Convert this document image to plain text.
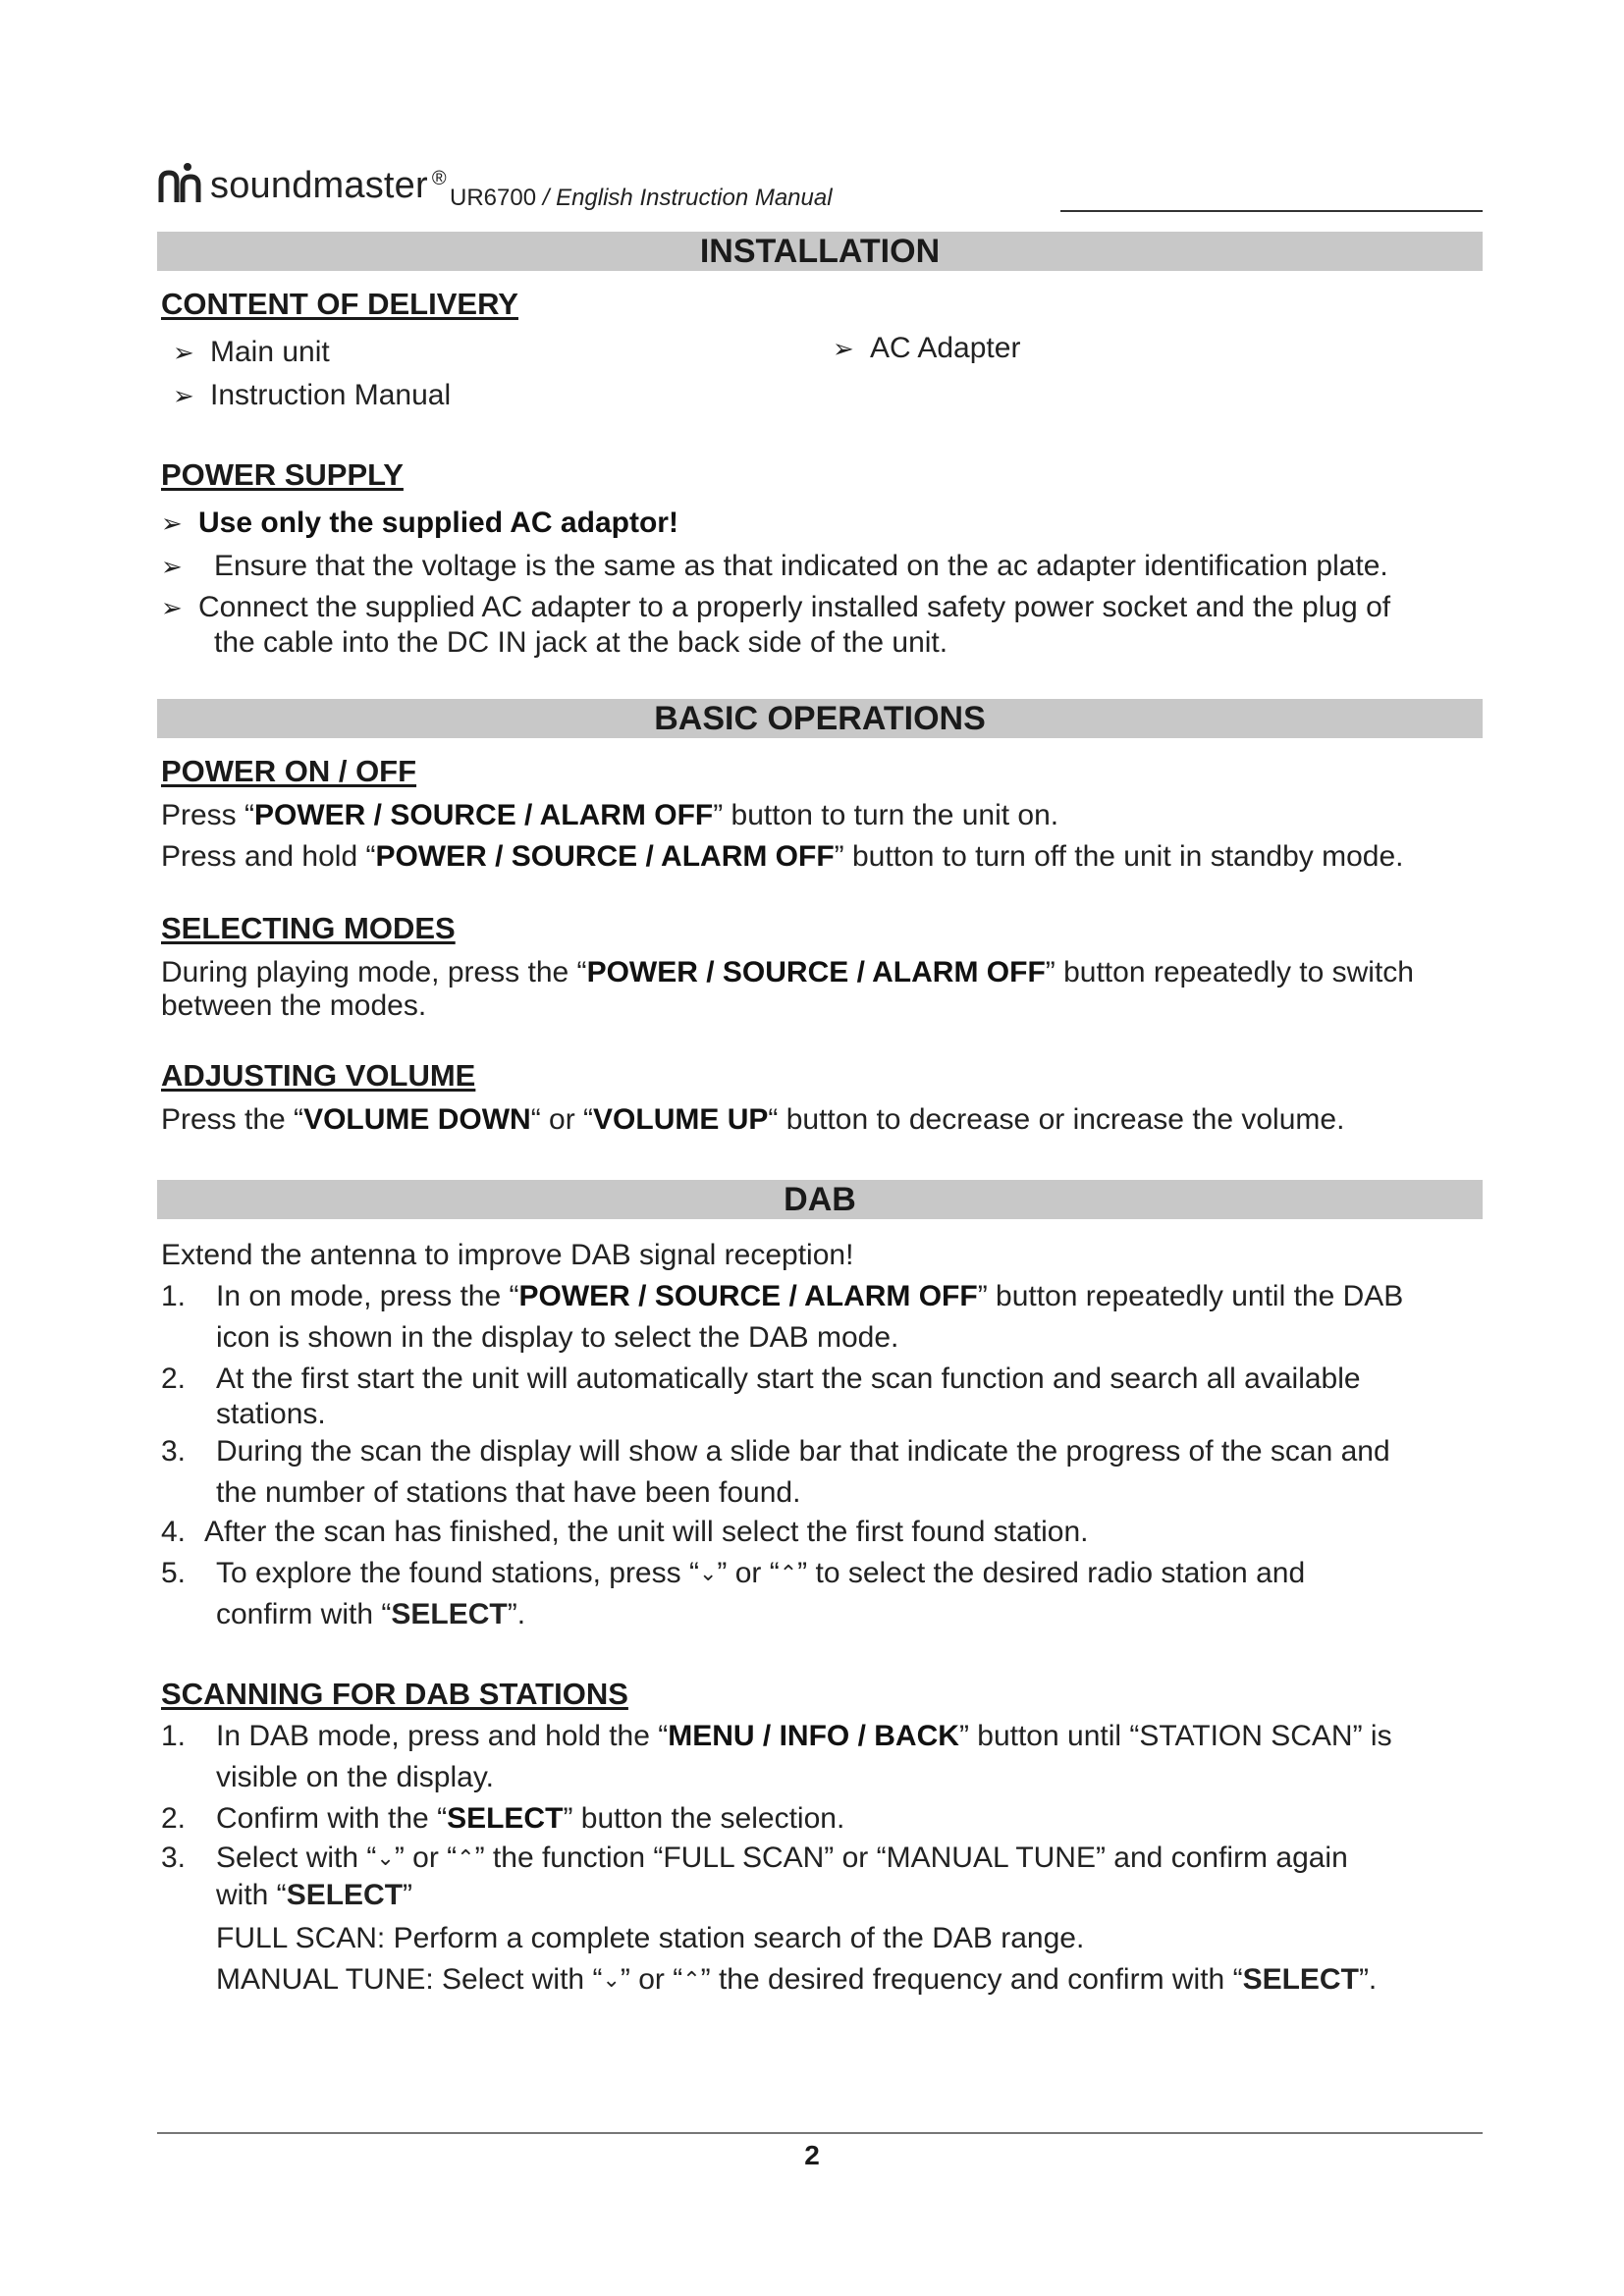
soundmaster ®
UR6700 / English Instruction Manual
INSTALLATION
CONTENT OF DELIVERY
➢ Main unit
➢ Instruction Manual
➢ AC Adapter
POWER SUPPLY
➢ Use only the supplied AC adaptor!
➢ Ensure that the voltage is the same as that indicated on the ac adapter identification plate.
➢ Connect the supplied AC adapter to a properly installed safety power socket and the plug of
the cable into the DC IN jack at the back side of the unit.
BASIC OPERATIONS
POWER ON / OFF
Press “POWER / SOURCE / ALARM OFF” button to turn the unit on.
Press and hold “POWER / SOURCE / ALARM OFF” button to turn off the unit in standby mode.
SELECTING MODES
During playing mode, press the “POWER / SOURCE / ALARM OFF” button repeatedly to switch
between the modes.
ADJUSTING VOLUME
Press the “VOLUME DOWN“ or “VOLUME UP“ button to decrease or increase the volume.
DAB
Extend the antenna to improve DAB signal reception!
1. In on mode, press the “POWER / SOURCE / ALARM OFF” button repeatedly until the DAB
icon is shown in the display to select the DAB mode.
2. At the first start the unit will automatically start the scan function and search all available
stations.
3. During the scan the display will show a slide bar that indicate the progress of the scan and
the number of stations that have been found.
4. After the scan has finished, the unit will select the first found station.
5. To explore the found stations, press “⌄” or “⌃” to select the desired radio station and
confirm with “SELECT”.
SCANNING FOR DAB STATIONS
1. In DAB mode, press and hold the “MENU / INFO / BACK” button until “STATION SCAN” is
visible on the display.
2. Confirm with the “SELECT” button the selection.
3. Select with “⌄” or “⌃” the function “FULL SCAN” or “MANUAL TUNE” and confirm again
with “SELECT”
FULL SCAN: Perform a complete station search of the DAB range.
MANUAL TUNE: Select with “⌄” or “⌃” the desired frequency and confirm with “SELECT”.
2
